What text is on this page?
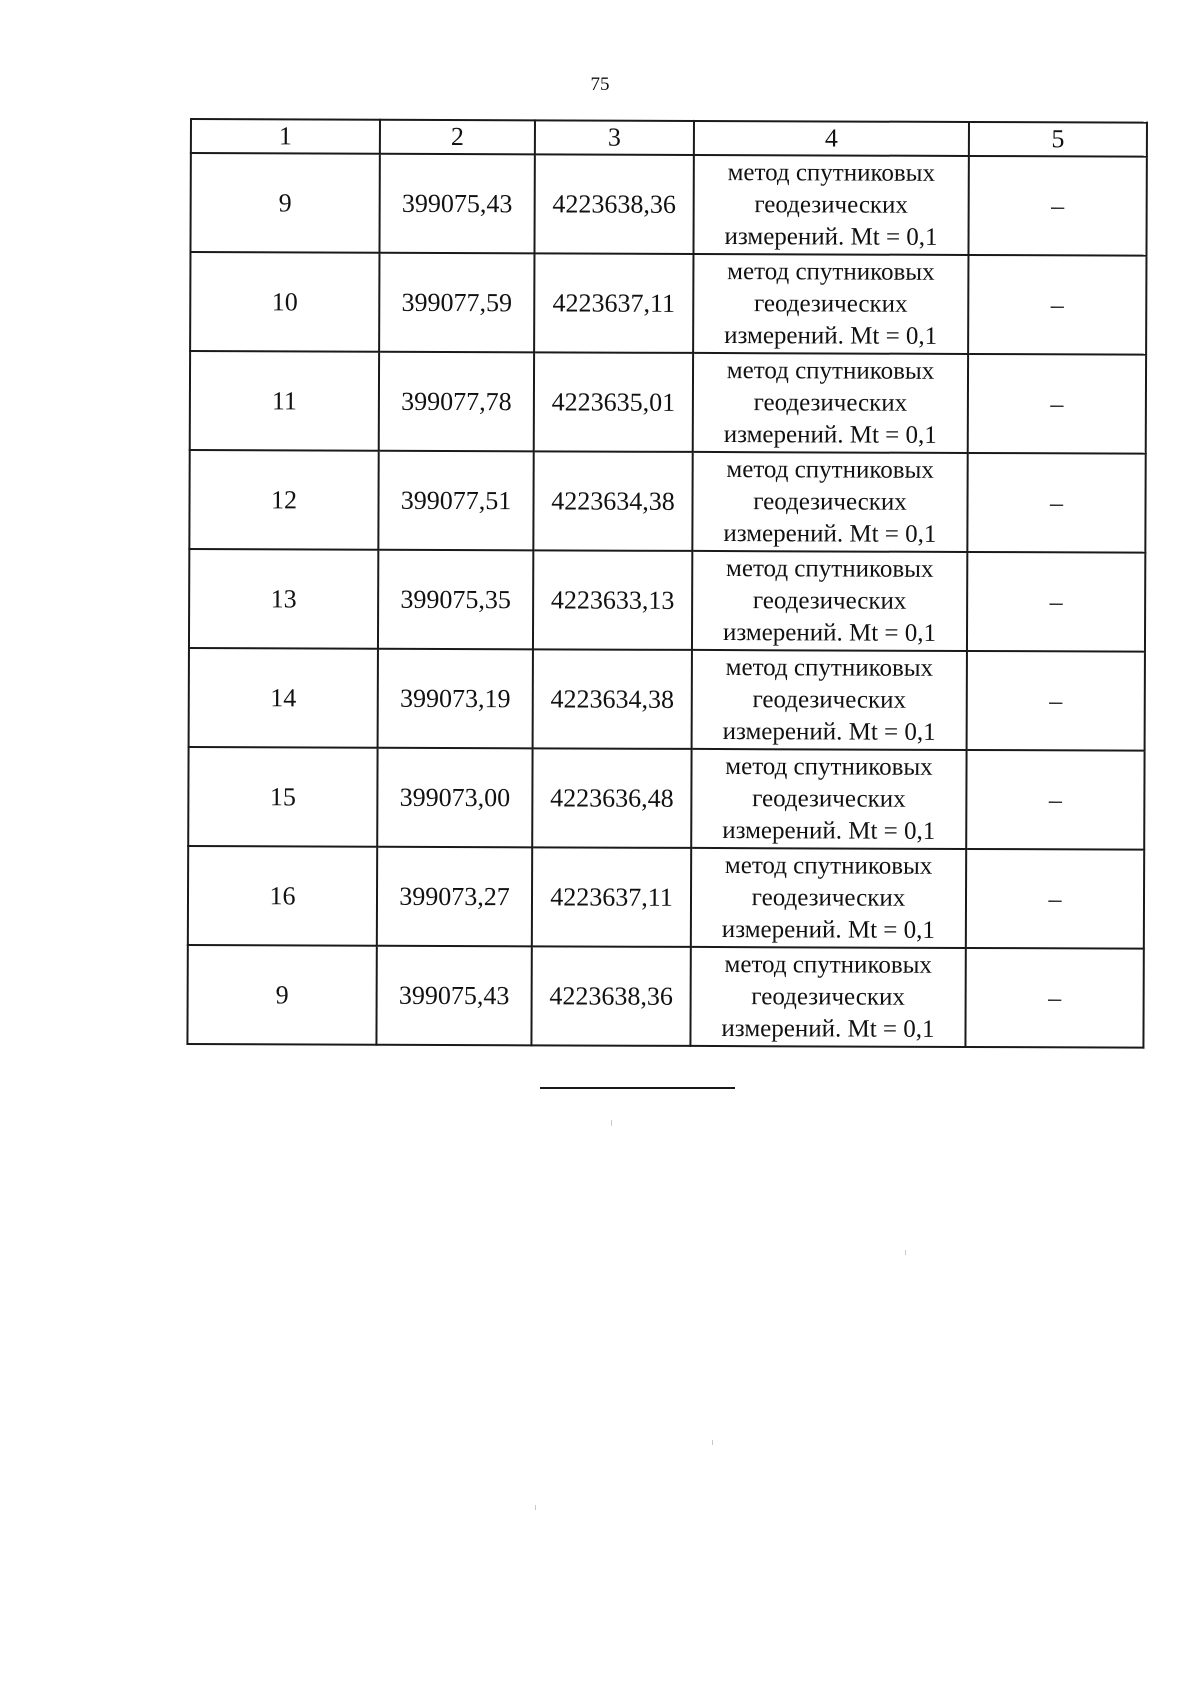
75
1	2	3	4	5
9	399075,43	4223638,36	метод спутниковых
геодезических
измерений. Mt = 0,1	–
10	399077,59	4223637,11	метод спутниковых
геодезических
измерений. Mt = 0,1	–
11	399077,78	4223635,01	метод спутниковых
геодезических
измерений. Mt = 0,1	–
12	399077,51	4223634,38	метод спутниковых
геодезических
измерений. Mt = 0,1	–
13	399075,35	4223633,13	метод спутниковых
геодезических
измерений. Mt = 0,1	–
14	399073,19	4223634,38	метод спутниковых
геодезических
измерений. Mt = 0,1	–
15	399073,00	4223636,48	метод спутниковых
геодезических
измерений. Mt = 0,1	–
16	399073,27	4223637,11	метод спутниковых
геодезических
измерений. Mt = 0,1	–
9	399075,43	4223638,36	метод спутниковых
геодезических
измерений. Mt = 0,1	–
